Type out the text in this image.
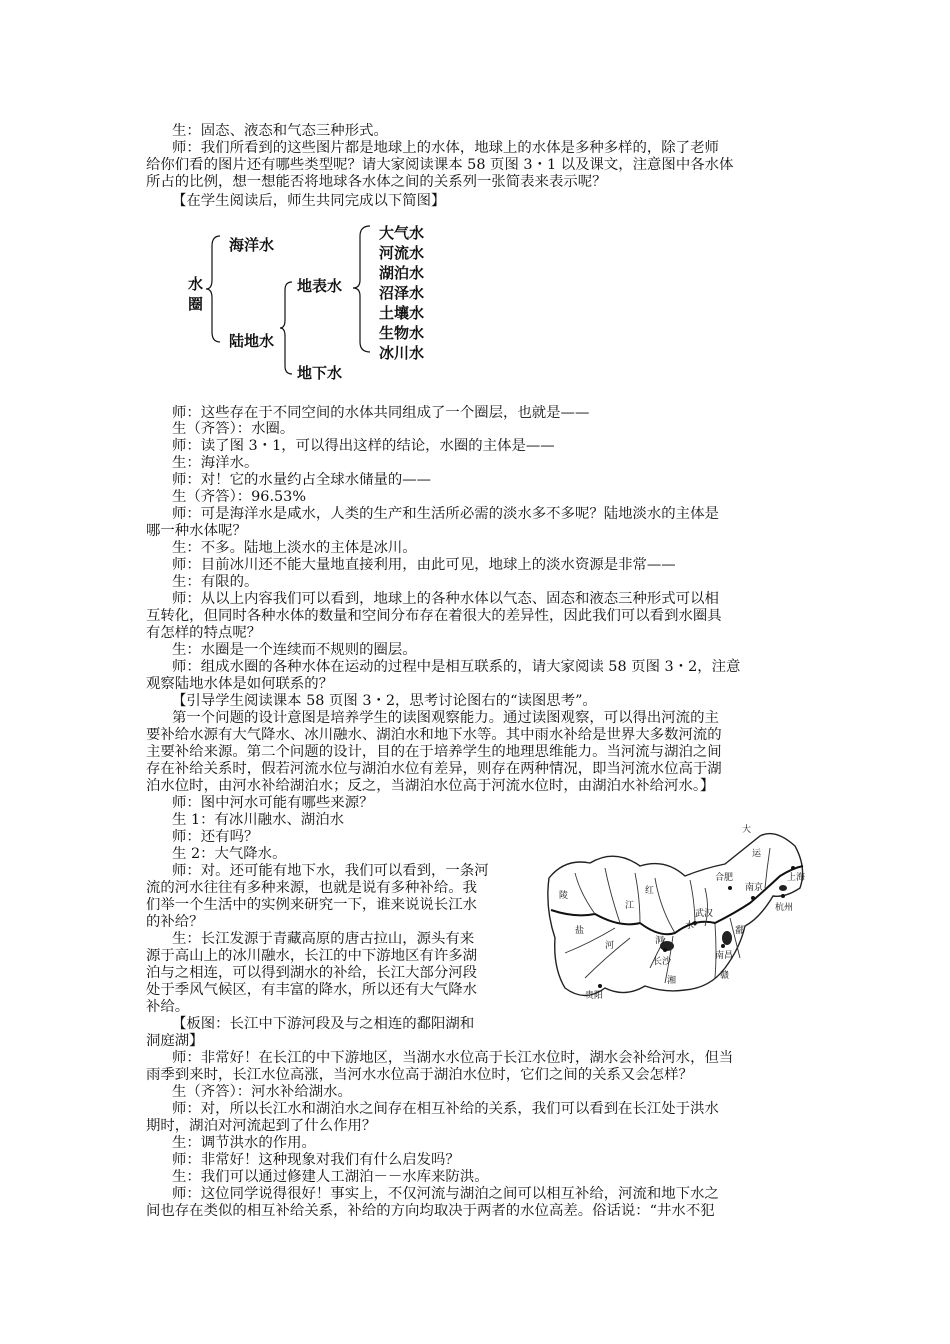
生：固态、液态和气态三种形式。
师：我们所看到的这些图片都是地球上的水体，地球上的水体是多种多样的，除了老师
给你们看的图片还有哪些类型呢？请大家阅读课本 58 页图 3・1 以及课文，注意图中各水体
所占的比例，想一想能否将地球各水体之间的关系列一张简表来表示呢？
【在学生阅读后，师生共同完成以下简图】
水圈
海洋水
陆地水
地表水
地下水
大气水
河流水
湖泊水
沼泽水
土壤水
生物水
冰川水
师：这些存在于不同空间的水体共同组成了一个圈层，也就是——
生（齐答）：水圈。
师：读了图 3・1，可以得出这样的结论，水圈的主体是——
生：海洋水。
师：对！它的水量约占全球水储量的——
生（齐答）：96.53%
师：可是海洋水是咸水，人类的生产和生活所必需的淡水多不多呢？陆地淡水的主体是
哪一种水体呢？
生：不多。陆地上淡水的主体是冰川。
师：目前冰川还不能大量地直接利用，由此可见，地球上的淡水资源是非常——
生：有限的。
师：从以上内容我们可以看到，地球上的各种水体以气态、固态和液态三种形式可以相
互转化，但同时各种水体的数量和空间分布存在着很大的差异性，因此我们可以看到水圈具
有怎样的特点呢？
生：水圈是一个连续而不规则的圈层。
师：组成水圈的各种水体在运动的过程中是相互联系的，请大家阅读 58 页图 3・2，注意
观察陆地水体是如何联系的？
【引导学生阅读课本 58 页图 3・2，思考讨论图右的“读图思考”。
第一个问题的设计意图是培养学生的读图观察能力。通过读图观察，可以得出河流的主
要补给水源有大气降水、冰川融水、湖泊水和地下水等。其中雨水补给是世界大多数河流的
主要补给来源。第二个问题的设计，目的在于培养学生的地理思维能力。当河流与湖泊之间
存在补给关系时，假若河流水位与湖泊水位有差异，则存在两种情况，即当河流水位高于湖
泊水位时，由河水补给湖泊水；反之，当湖泊水位高于河流水位时，由湖泊水补给河水。】
师：图中河水可能有哪些来源？
生 1：有冰川融水、湖泊水
师：还有吗？
生 2：大气降水。
师：对。还可能有地下水，我们可以看到，一条河
流的河水往往有多种来源，也就是说有多种补给。我
们举一个生活中的实例来研究一下，谁来说说长江水
的补给？
生：长江发源于青藏高原的唐古拉山，源头有来
源于高山上的冰川融水，长江的中下游地区有许多湖
泊与之相连，可以得到湖水的补给，长江大部分河段
处于季风气候区，有丰富的降水，所以还有大气降水
补给。
【板图：长江中下游河段及与之相连的鄱阳湖和
洞庭湖】
师：非常好！在长江的中下游地区，当湖水水位高于长江水位时，湖水会补给河水，但当
雨季到来时，长江水位高涨，当河水水位高于湖泊水位时，它们之间的关系又会怎样？
生（齐答）：河水补给湖水。
师：对，所以长江水和湖泊水之间存在相互补给的关系，我们可以看到在长江处于洪水
期时，湖泊对河流起到了什么作用？
生：调节洪水的作用。
师：非常好！这种现象对我们有什么启发吗？
生：我们可以通过修建人工湖泊－－水库来防洪。
师：这位同学说得很好！事实上，不仅河流与湖泊之间可以相互补给，河流和地下水之
间也存在类似的相互补给关系，补给的方向均取决于两者的水位高差。俗话说：“井水不犯
大
运
合肥
南京
上海
杭州
武汉
水
长沙
南昌
洞
鄱
湘	赣
贵阳
陵
江
红
盐
河
